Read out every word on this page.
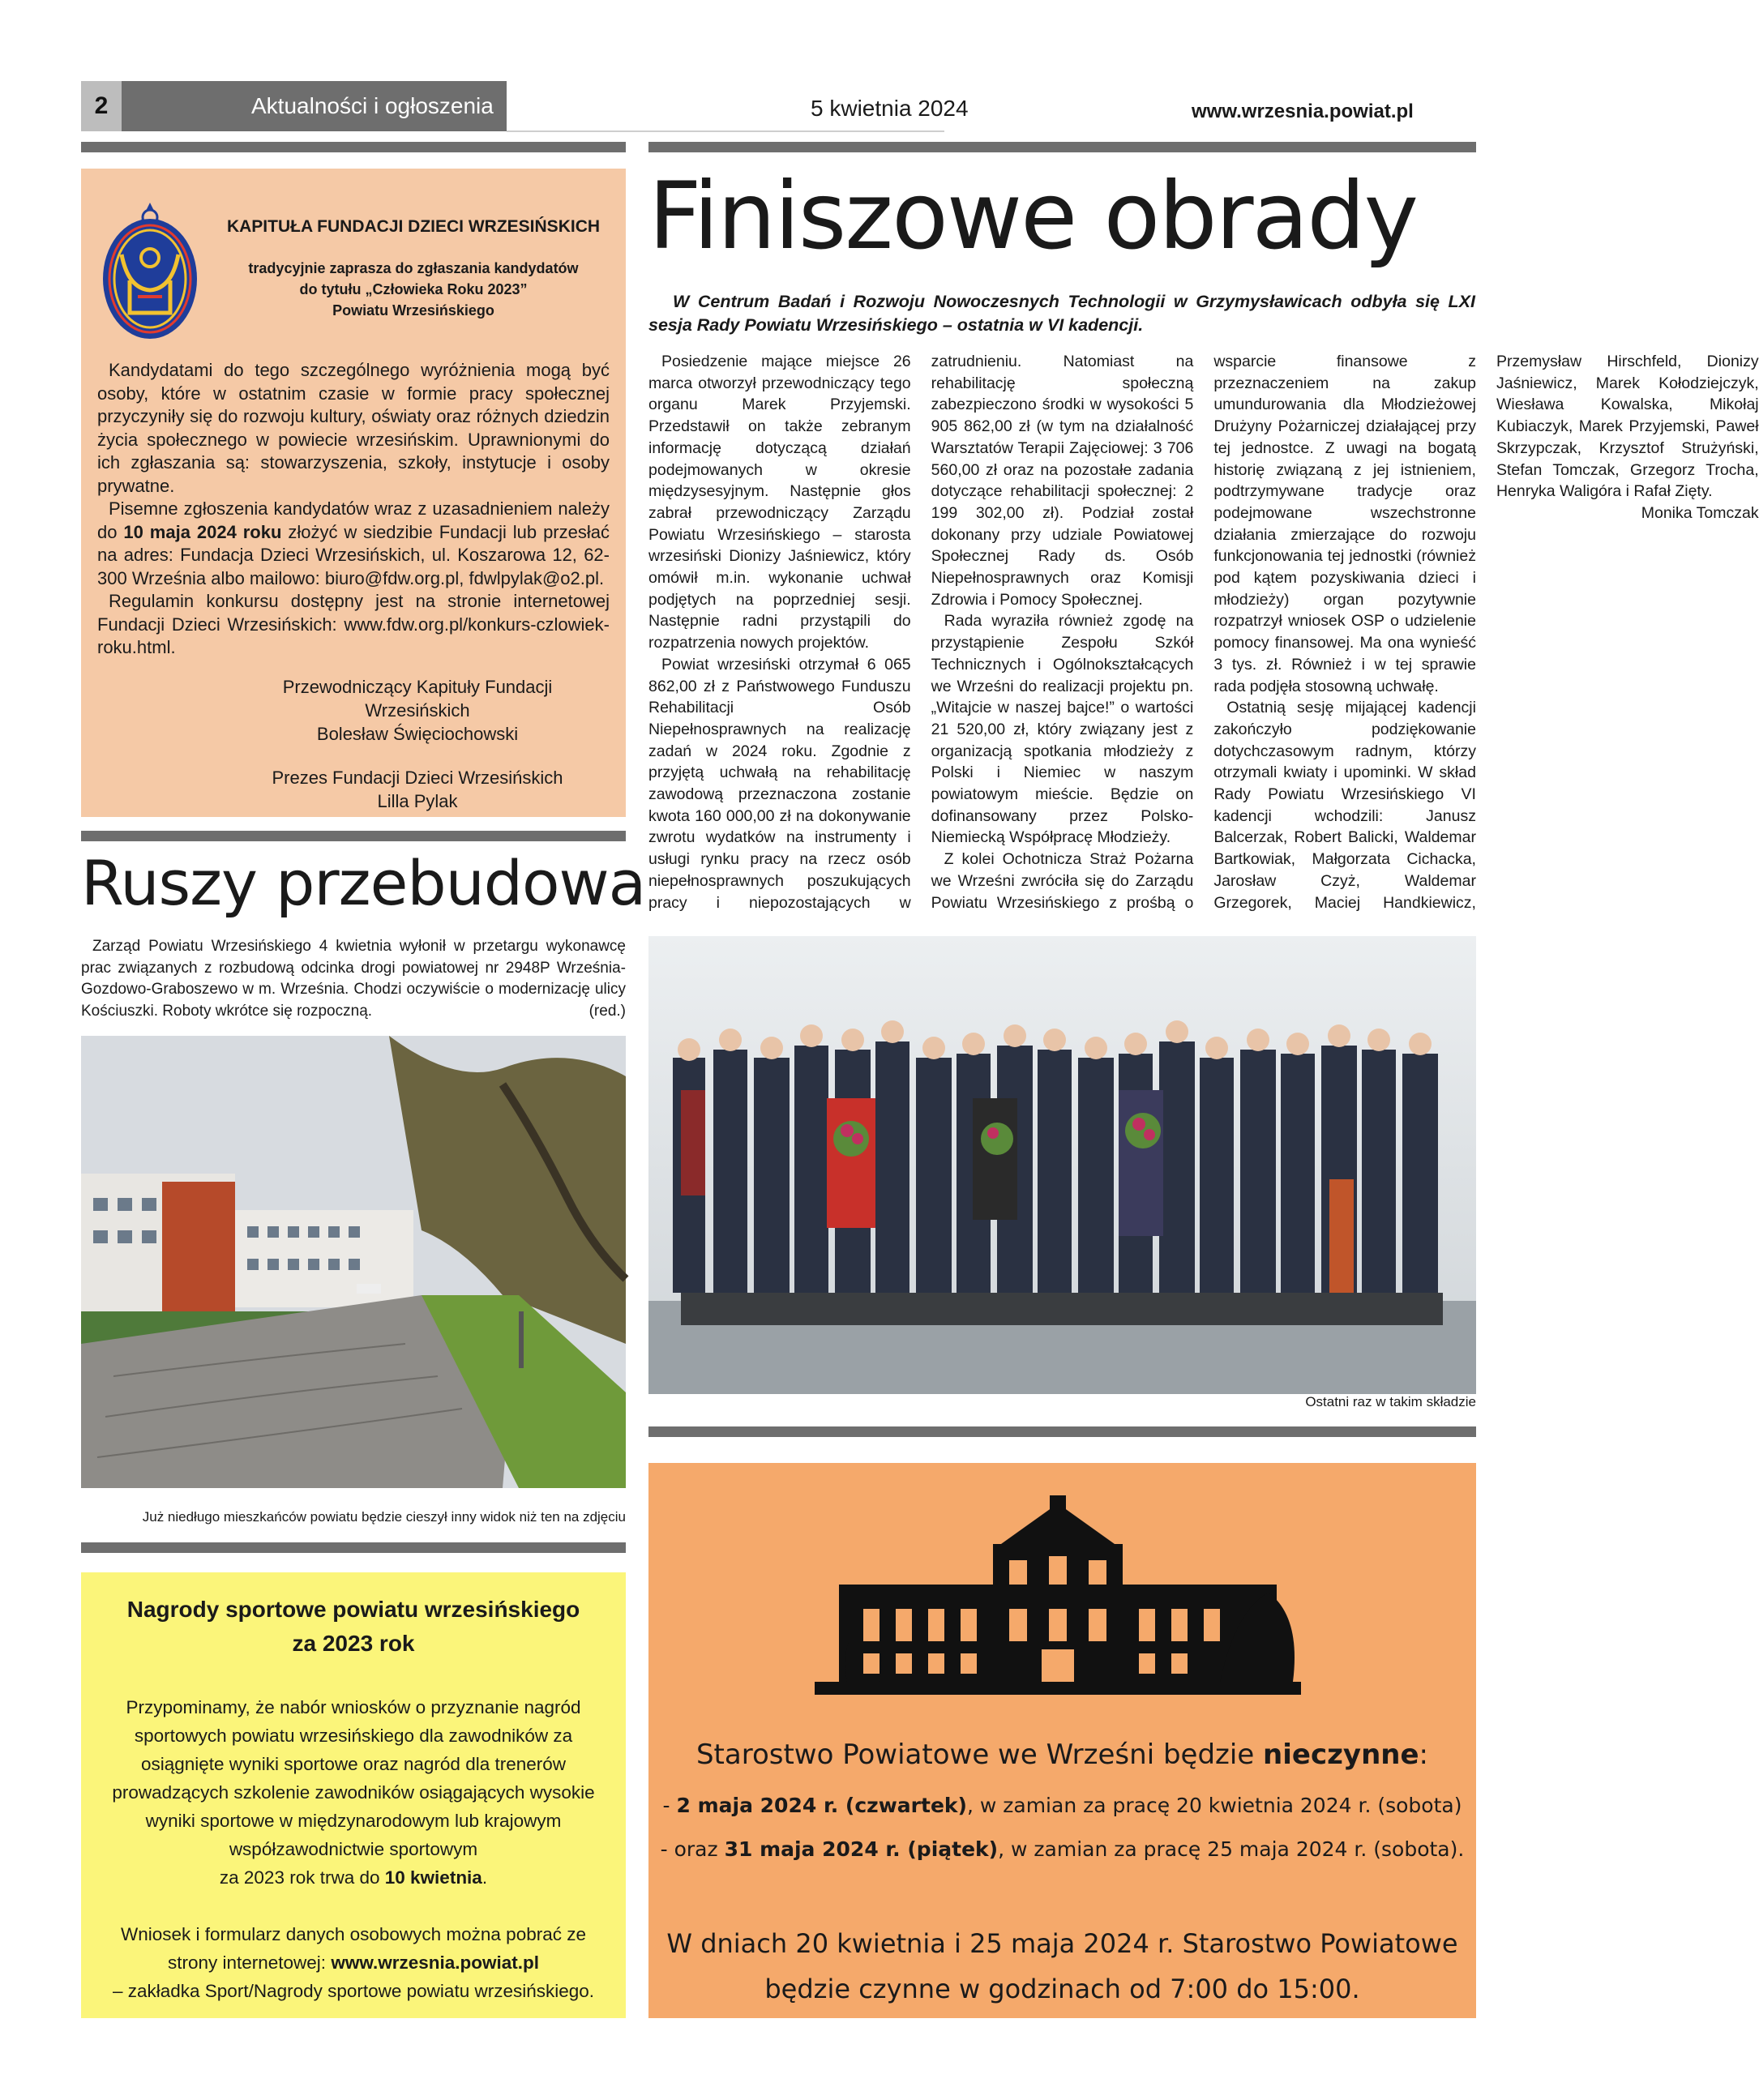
2	Aktualności i ogłoszenia	5 kwietnia 2024	www.wrzesnia.powiat.pl
KAPITUŁA FUNDACJI DZIECI WRZESIŃSKICH
tradycyjnie zaprasza do zgłaszania kandydatów
do tytułu „Człowieka Roku 2023”
Powiatu Wrzesińskiego

Kandydatami do tego szczególnego wyróżnienia mogą być osoby, które w ostatnim czasie w formie pracy społecznej przyczyniły się do rozwoju kultury, oświaty oraz różnych dziedzin życia społecznego w powiecie wrzesińskim. Uprawnionymi do ich zgłaszania są: stowarzyszenia, szkoły, instytucje i osoby prywatne.

Pisemne zgłoszenia kandydatów wraz z uzasadnieniem należy do 10 maja 2024 roku złożyć w siedzibie Fundacji lub przesłać na adres: Fundacja Dzieci Wrzesińskich, ul. Koszarowa 12, 62-300 Września albo mailowo: biuro@fdw.org.pl, fdwlpylak@o2.pl.

Regulamin konkursu dostępny jest na stronie internetowej Fundacji Dzieci Wrzesińskich: www.fdw.org.pl/konkurs-czlowiek-roku.html.

Przewodniczący Kapituły Fundacji Wrzesińskich
Bolesław Święciochowski
Prezes Fundacji Dzieci Wrzesińskich
Lilla Pylak
Finiszowe obrady
W Centrum Badań i Rozwoju Nowoczesnych Technologii w Grzymysławicach odbyła się LXI sesja Rady Powiatu Wrzesińskiego – ostatnia w VI kadencji.

Posiedzenie mające miejsce 26 marca otworzył przewodniczący tego organu Marek Przyjemski. Przedstawił on także zebranym informację dotyczącą działań podejmowanych w okresie międzysesyjnym. Następnie głos zabrał przewodniczący Zarządu Powiatu Wrzesińskiego – starosta wrzesiński Dionizy Jaśniewicz, który omówił m.in. wykonanie uchwał podjętych na poprzedniej sesji. Następnie radni przystąpili do rozpatrzenia nowych projektów.

Powiat wrzesiński otrzymał 6 065 862,00 zł z Państwowego Funduszu Rehabilitacji Osób Niepełnosprawnych na realizację zadań w 2024 roku. Zgodnie z przyjętą uchwałą na rehabilitację zawodową przeznaczona zostanie kwota 160 000,00 zł na dokonywanie zwrotu wydatków na instrumenty i usługi rynku pracy na rzecz osób niepełnosprawnych poszukujących pracy i niepozostających w zatrudnieniu. Natomiast na rehabilitację społeczną zabezpieczono środki w wysokości 5 905 862,00 zł (w tym na działalność Warsztatów Terapii Zajęciowej: 3 706 560,00 zł oraz na pozostałe zadania dotyczące rehabilitacji społecznej: 2 199 302,00 zł). Podział został dokonany przy udziale Powiatowej Społecznej Rady ds. Osób Niepełnosprawnych oraz Komisji Zdrowia i Pomocy Społecznej.

Rada wyraziła również zgodę na przystąpienie Zespołu Szkół Technicznych i Ogólnokształcących we Wrześni do realizacji projektu pn. „Witajcie w naszej bajce!” o wartości 21 520,00 zł, który związany jest z organizacją spotkania młodzieży z Polski i Niemiec w naszym powiatowym mieście. Będzie on dofinansowany przez Polsko-Niemiecką Współpracę Młodzieży.

Z kolei Ochotnicza Straż Pożarna we Wrześni zwróciła się do Zarządu Powiatu Wrzesińskiego z prośbą o wsparcie finansowe z przeznaczeniem na zakup umundurowania dla Młodzieżowej Drużyny Pożarniczej działającej przy tej jednostce. Z uwagi na bogatą historię związaną z jej istnieniem, podtrzymywane tradycje oraz podejmowane wszechstronne działania zmierzające do rozwoju funkcjonowania tej jednostki (również pod kątem pozyskiwania dzieci i młodzieży) organ pozytywnie rozpatrzył wniosek OSP o udzielenie pomocy finansowej. Ma ona wynieść 3 tys. zł. Również i w tej sprawie rada podjęła stosowną uchwałę.

Ostatnią sesję mijającej kadencji zakończyło podziękowanie dotychczasowym radnym, którzy otrzymali kwiaty i upominki. W skład Rady Powiatu Wrzesińskiego VI kadencji wchodzili: Janusz Balcerzak, Robert Balicki, Waldemar Bartkowiak, Małgorzata Cichacka, Jarosław Czyż, Waldemar Grzegorek, Maciej Handkiewicz, Przemysław Hirschfeld, Dionizy Jaśniewicz, Marek Kołodziejczyk, Wiesława Kowalska, Mikołaj Kubiaczyk, Marek Przyjemski, Paweł Skrzypczak, Krzysztof Strużyński, Stefan Tomczak, Grzegorz Trocha, Henryka Waligóra i Rafał Zięty.

Monika Tomczak

Ostatni raz w takim składzie
Ruszy przebudowa

Zarząd Powiatu Wrzesińskiego 4 kwietnia wyłonił w przetargu wykonawcę prac związanych z rozbudową odcinka drogi powiatowej nr 2948P Września-Gozdowo-Graboszewo w m. Września. Chodzi oczywiście o modernizację ulicy Kościuszki. Roboty wkrótce się rozpoczną.	(red.)

Już niedługo mieszkańców powiatu będzie cieszył inny widok niż ten na zdjęciu
Nagrody sportowe powiatu wrzesińskiego
za 2023 rok
Przypominamy, że nabór wniosków o przyznanie nagród sportowych powiatu wrzesińskiego dla zawodników za osiągnięte wyniki sportowe oraz nagród dla trenerów prowadzących szkolenie zawodników osiągających wysokie wyniki sportowe w międzynarodowym lub krajowym współzawodnictwie sportowym
za 2023 rok trwa do 10 kwietnia.
Wniosek i formularz danych osobowych można pobrać ze strony internetowej: www.wrzesnia.powiat.pl
– zakładka Sport/Nagrody sportowe powiatu wrzesińskiego.
Starostwo Powiatowe we Wrześni będzie nieczynne:
- 2 maja 2024 r. (czwartek), w zamian za pracę 20 kwietnia 2024 r. (sobota)
- oraz 31 maja 2024 r. (piątek), w zamian za pracę 25 maja 2024 r. (sobota).
W dniach 20 kwietnia i 25 maja 2024 r. Starostwo Powiatowe będzie czynne w godzinach od 7:00 do 15:00.
